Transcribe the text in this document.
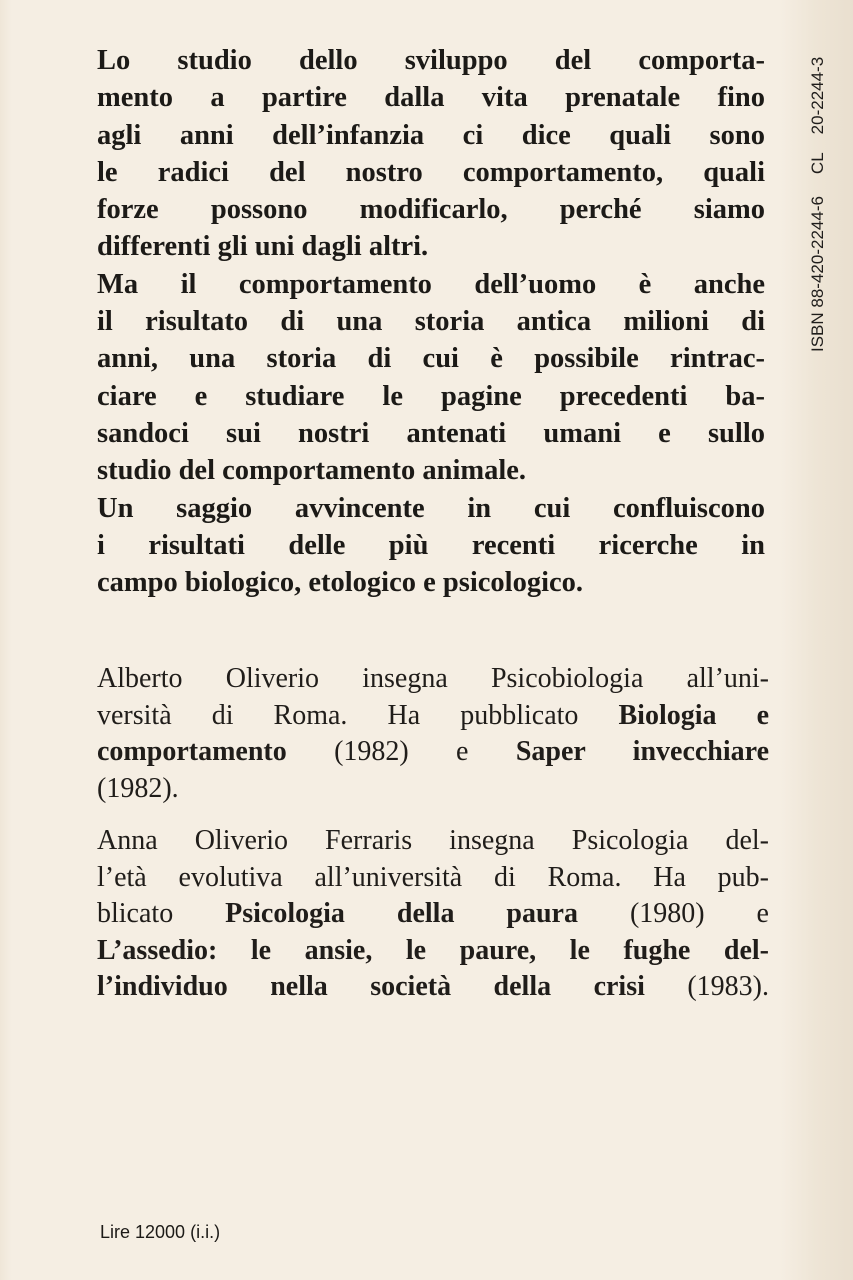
Lo studio dello sviluppo del comporta-
mento a partire dalla vita prenatale fino
agli anni dell’infanzia ci dice quali sono
le radici del nostro comportamento, quali
forze possono modificarlo, perché siamo
differenti gli uni dagli altri.
Ma il comportamento dell’uomo è anche
il risultato di una storia antica milioni di
anni, una storia di cui è possibile rintrac-
ciare e studiare le pagine precedenti ba-
sandoci sui nostri antenati umani e sullo
studio del comportamento animale.
Un saggio avvincente in cui confluiscono
i risultati delle più recenti ricerche in
campo biologico, etologico e psicologico.
Alberto Oliverio insegna Psicobiologia all’uni-
versità di Roma. Ha pubblicato Biologia e
comportamento (1982) e Saper invecchiare
(1982).
Anna Oliverio Ferraris insegna Psicologia del-
l’età evolutiva all’università di Roma. Ha pub-
blicato Psicologia della paura (1980) e
L’assedio: le ansie, le paure, le fughe del-
l’individuo nella società della crisi (1983).
ISBN 88-420-2244-6CL20-2244-3
Lire 12000 (i.i.)
